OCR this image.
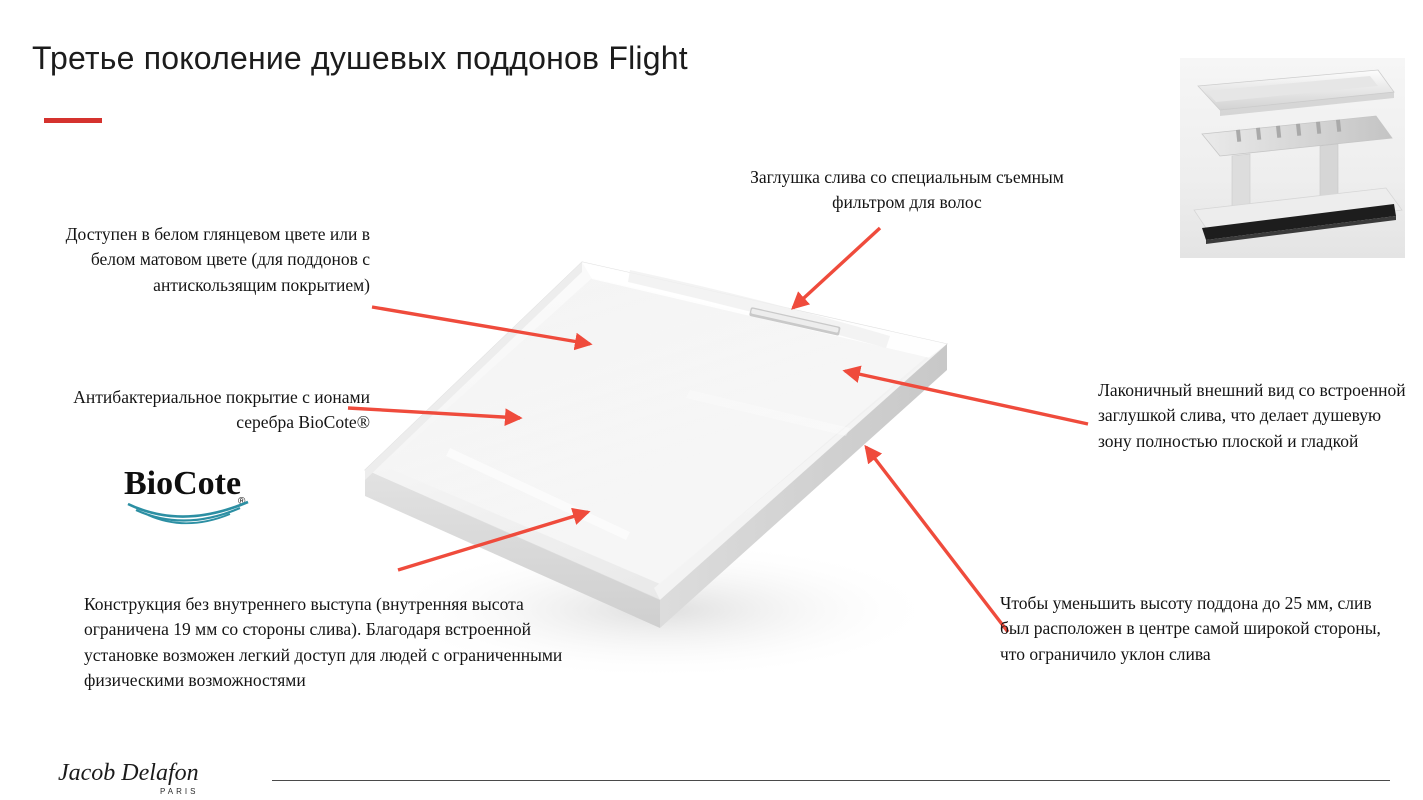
Третье поколение душевых поддонов Flight
Заглушка слива со специальным съемным фильтром для волос
Доступен в белом глянцевом цвете или в белом матовом цвете (для поддонов с антискользящим покрытием)
Антибактериальное покрытие с ионами серебра BioCote®
Лаконичный внешний вид со встроенной заглушкой слива, что делает душевую зону полностью плоской и гладкой
Конструкция без внутреннего выступа (внутренняя высота ограничена 19 мм со стороны слива). Благодаря встроенной установке возможен легкий доступ для людей с ограниченными физическими возможностями
Чтобы уменьшить высоту поддона до 25 мм, слив был расположен в центре самой широкой стороны, что ограничило уклон слива
BioCote
®
Jacob Delafon
PARIS
